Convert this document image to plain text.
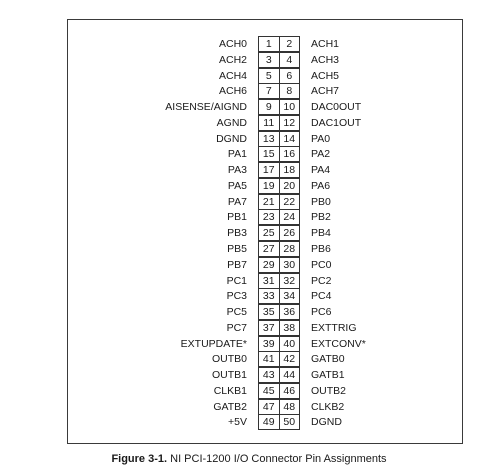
ACH0	1	2	ACH1
ACH2	3	4	ACH3
ACH4	5	6	ACH5
ACH6	7	8	ACH7
AISENSE/AIGND	9	10	DAC0OUT
AGND	11 12	DAC1OUT
DGND	13 14	PA0
PA1	15 16	PA2
PA3	17 18	PA4
PA5	19 20	PA6
PA7	21 22	PB0
PB1	23 24	PB2
PB3	25 26	PB4
PB5	27 28	PB6
PB7	29 30	PC0
PC1	31 32	PC2
PC3	33 34	PC4
PC5	35 36	PC6
PC7	37 38	EXTTRIG
EXTUPDATE*	39 40	EXTCONV*
OUTB0	41 42	GATB0
OUTB1	43 44	GATB1
CLKB1	45 46	OUTB2
GATB2	47 48	CLKB2
+5V	49 50	DGND
Figure 3-1. NI PCI-1200 I/O Connector Pin Assignments
